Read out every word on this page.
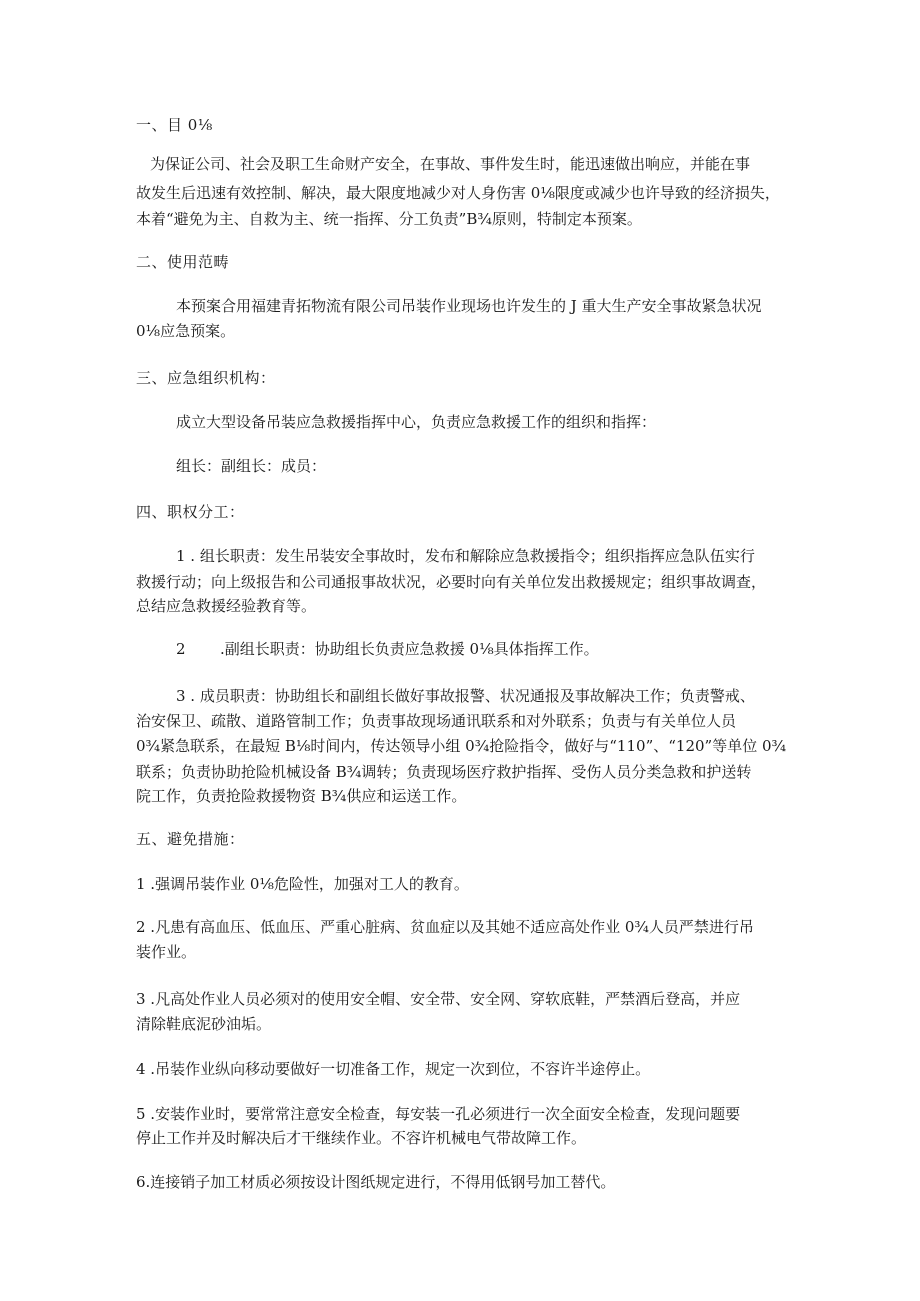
一、目 0⅛

为保证公司、社会及职工生命财产安全，在事故、事件发生时，能迅速做出响应，并能在事

故发生后迅速有效控制、解决，最大限度地减少对人身伤害 0⅛限度或减少也许导致的经济损失，

本着“避免为主、自救为主、统一指挥、分工负责”B¾原则，特制定本预案。

二、使用范畴

本预案合用福建青拓物流有限公司吊装作业现场也许发生的 J 重大生产安全事故紧急状况

0⅛应急预案。

三、应急组织机构：

成立大型设备吊装应急救援指挥中心，负责应急救援工作的组织和指挥：

组长：副组长：成员：

四、职权分工：

1 . 组长职责：发生吊装安全事故时，发布和解除应急救援指令；组织指挥应急队伍实行

救援行动；向上级报告和公司通报事故状况，必要时向有关单位发出救援规定；组织事故调查，

总结应急救援经验教育等。

2 .副组长职责：协助组长负责应急救援 0⅛具体指挥工作。

3 . 成员职责：协助组长和副组长做好事故报警、状况通报及事故解决工作；负责警戒、

治安保卫、疏散、道路管制工作；负责事故现场通讯联系和对外联系；负责与有关单位人员

0¾紧急联系，在最短 B⅛时间内，传达领导小组 0¾抢险指令，做好与“110”、“120”等单位 0¾

联系；负责协助抢险机械设备 B¾调转；负责现场医疗救护指挥、受伤人员分类急救和护送转

院工作，负责抢险救援物资 B¾供应和运送工作。

五、避免措施：

1 .强调吊装作业 0⅛危险性，加强对工人的教育。

2 .凡患有高血压、低血压、严重心脏病、贫血症以及其她不适应高处作业 0¾人员严禁进行吊

装作业。

3 .凡高处作业人员必须对的使用安全帽、安全带、安全网、穿软底鞋，严禁酒后登高，并应

清除鞋底泥砂油垢。

4 .吊装作业纵向移动要做好一切准备工作，规定一次到位，不容许半途停止。

5 .安装作业时，要常常注意安全检查，每安装一孔必须进行一次全面安全检查，发现问题要

停止工作并及时解决后才干继续作业。不容许机械电气带故障工作。

6.连接销子加工材质必须按设计图纸规定进行，不得用低钢号加工替代。
